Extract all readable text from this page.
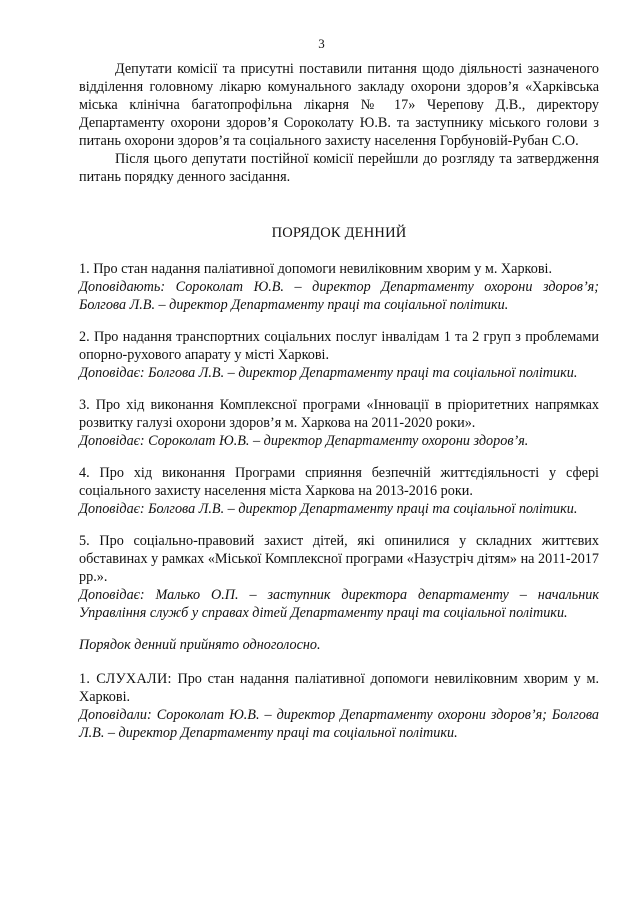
3

Депутати комісії та присутні поставили питання щодо діяльності зазначеного відділення головному лікарю комунального закладу охорони здоров’я «Харківська міська клінічна багатопрофільна лікарня № 17» Черепову Д.В., директору Департаменту охорони здоров’я Сороколату Ю.В. та заступнику міського голови з питань охорони здоров’я та соціального захисту населення Горбуновій-Рубан С.О.

Після цього депутати постійної комісії перейшли до розгляду та затвердження питань порядку денного засідання.

ПОРЯДОК ДЕННИЙ

1. Про стан надання паліативної допомоги невиліковним хворим у м. Харкові.

Доповідають: Сороколат Ю.В. – директор Департаменту охорони здоров’я; Болгова Л.В. – директор Департаменту праці та соціальної політики.

2. Про надання транспортних соціальних послуг інвалідам 1 та 2 груп з проблемами опорно-рухового апарату у місті Харкові.

Доповідає: Болгова Л.В. – директор Департаменту праці та соціальної політики.

3. Про хід виконання Комплексної програми «Інновації в пріоритетних напрямках розвитку галузі охорони здоров’я м. Харкова на 2011-2020 роки».

Доповідає: Сороколат Ю.В. – директор Департаменту охорони здоров’я.

4. Про хід виконання Програми сприяння безпечній життєдіяльності у сфері соціального захисту населення міста Харкова на 2013-2016 роки.

Доповідає: Болгова Л.В. – директор Департаменту праці та соціальної політики.

5. Про соціально-правовий захист дітей, які опинилися у складних життєвих обставинах у рамках «Міської Комплексної програми «Назустріч дітям» на 2011-2017 рр.».

Доповідає: Малько О.П. – заступник директора департаменту – начальник Управління служб у справах дітей Департаменту праці та соціальної політики.

Порядок денний прийнято одноголосно.

1. СЛУХАЛИ: Про стан надання паліативної допомоги невиліковним хворим у м. Харкові.

Доповідали: Сороколат Ю.В. – директор Департаменту охорони здоров’я; Болгова Л.В. – директор Департаменту праці та соціальної політики.
